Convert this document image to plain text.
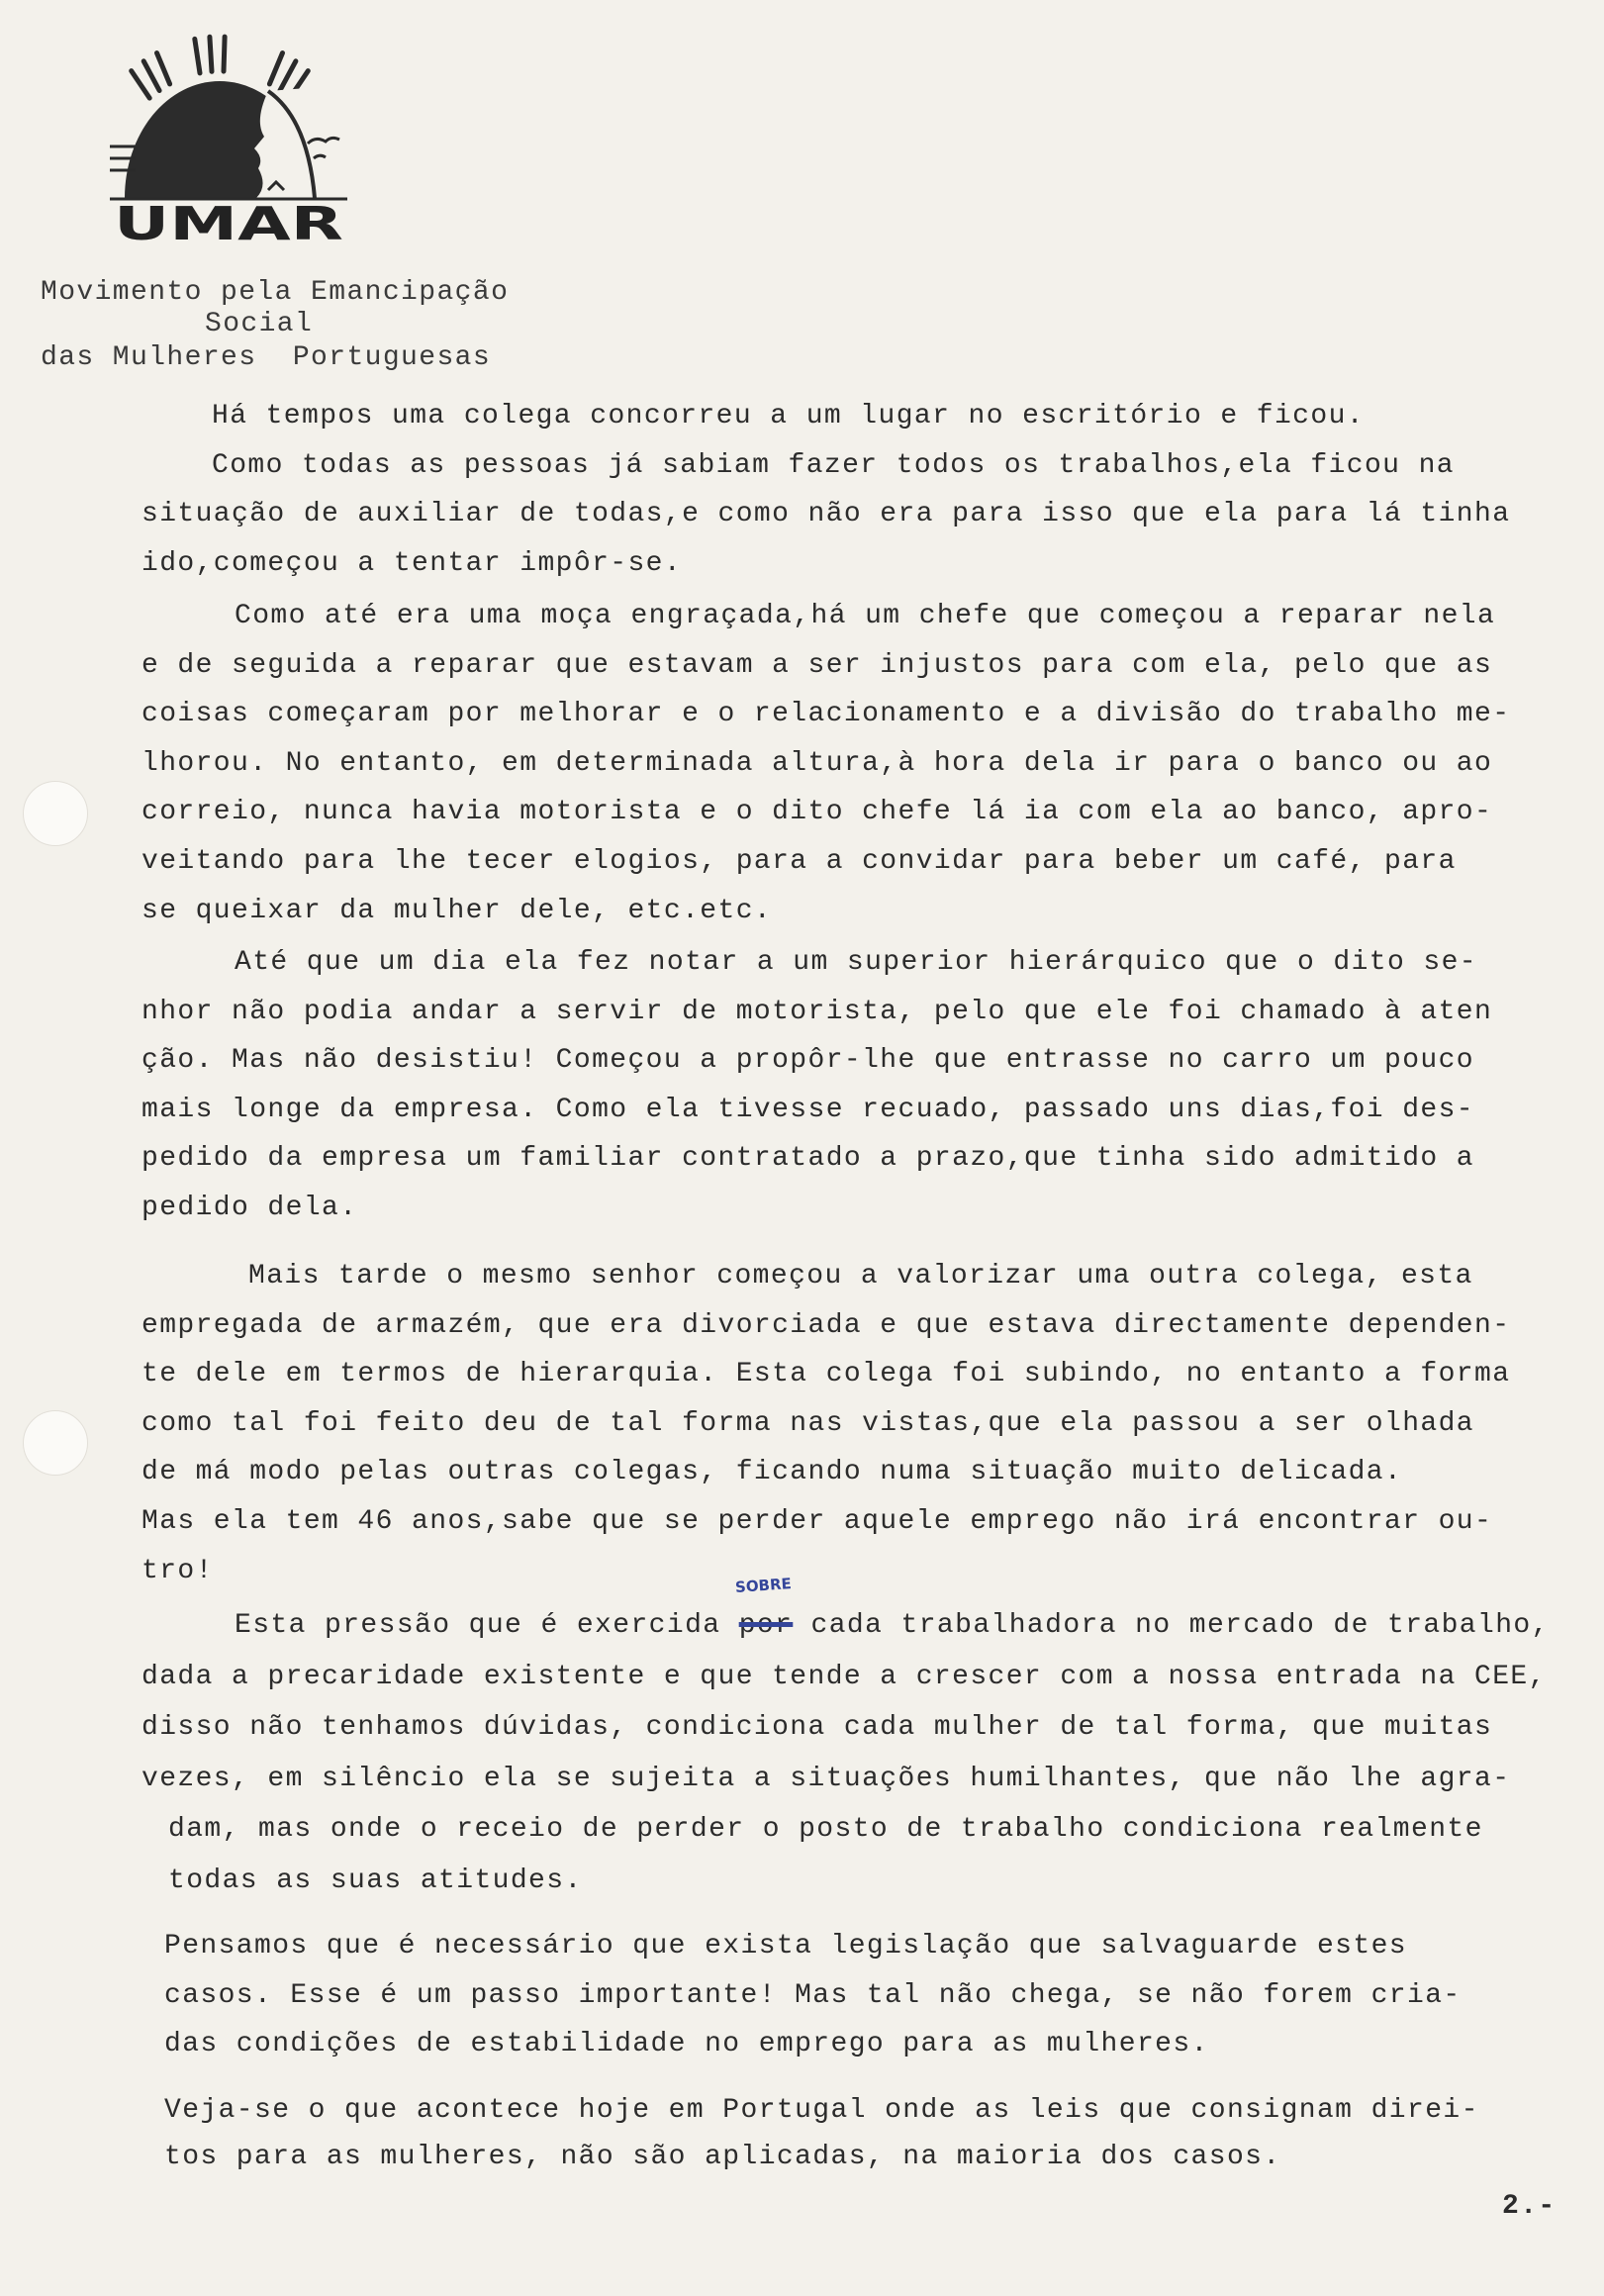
UMAR
Movimento pela Emancipação
Social
das Mulheres  Portuguesas
Há tempos uma colega concorreu a um lugar no escritório e ficou.
Como todas as pessoas já sabiam fazer todos os trabalhos,ela ficou na
situação de auxiliar de todas,e como não era para isso que ela para lá tinha
ido,começou a tentar impôr-se.
Como até era uma moça engraçada,há um chefe que começou a reparar nela
e de seguida a reparar que estavam a ser injustos para com ela, pelo que as
coisas começaram por melhorar e o relacionamento e a divisão do trabalho me-
lhorou. No entanto, em determinada altura,à hora dela ir para o banco ou ao
correio, nunca havia motorista e o dito chefe lá ia com ela ao banco, apro-
veitando para lhe tecer elogios, para a convidar para beber um café, para
se queixar da mulher dele, etc.etc.
Até que um dia ela fez notar a um superior hierárquico que o dito se-
nhor não podia andar a servir de motorista, pelo que ele foi chamado à aten
ção. Mas não desistiu! Começou a propôr-lhe que entrasse no carro um pouco
mais longe da empresa. Como ela tivesse recuado, passado uns dias,foi des-
pedido da empresa um familiar contratado a prazo,que tinha sido admitido a
pedido dela.
Mais tarde o mesmo senhor começou a valorizar uma outra colega, esta
empregada de armazém, que era divorciada e que estava directamente dependen-
te dele em termos de hierarquia. Esta colega foi subindo, no entanto a forma
como tal foi feito deu de tal forma nas vistas,que ela passou a ser olhada
de má modo pelas outras colegas, ficando numa situação muito delicada.
Mas ela tem 46 anos,sabe que se perder aquele emprego não irá encontrar ou-
tro!
Esta pressão que é exercida por
SOBRE
cada trabalhadora no mercado de trabalho,
dada a precaridade existente e que tende a crescer com a nossa entrada na CEE,
disso não tenhamos dúvidas, condiciona cada mulher de tal forma, que muitas
vezes, em silêncio ela se sujeita a situações humilhantes, que não lhe agra-
dam, mas onde o receio de perder o posto de trabalho condiciona realmente
todas as suas atitudes.
Pensamos que é necessário que exista legislação que salvaguarde estes
casos. Esse é um passo importante! Mas tal não chega, se não forem cria-
das condições de estabilidade no emprego para as mulheres.
Veja-se o que acontece hoje em Portugal onde as leis que consignam direi-
tos para as mulheres, não são aplicadas, na maioria dos casos.
2.-
